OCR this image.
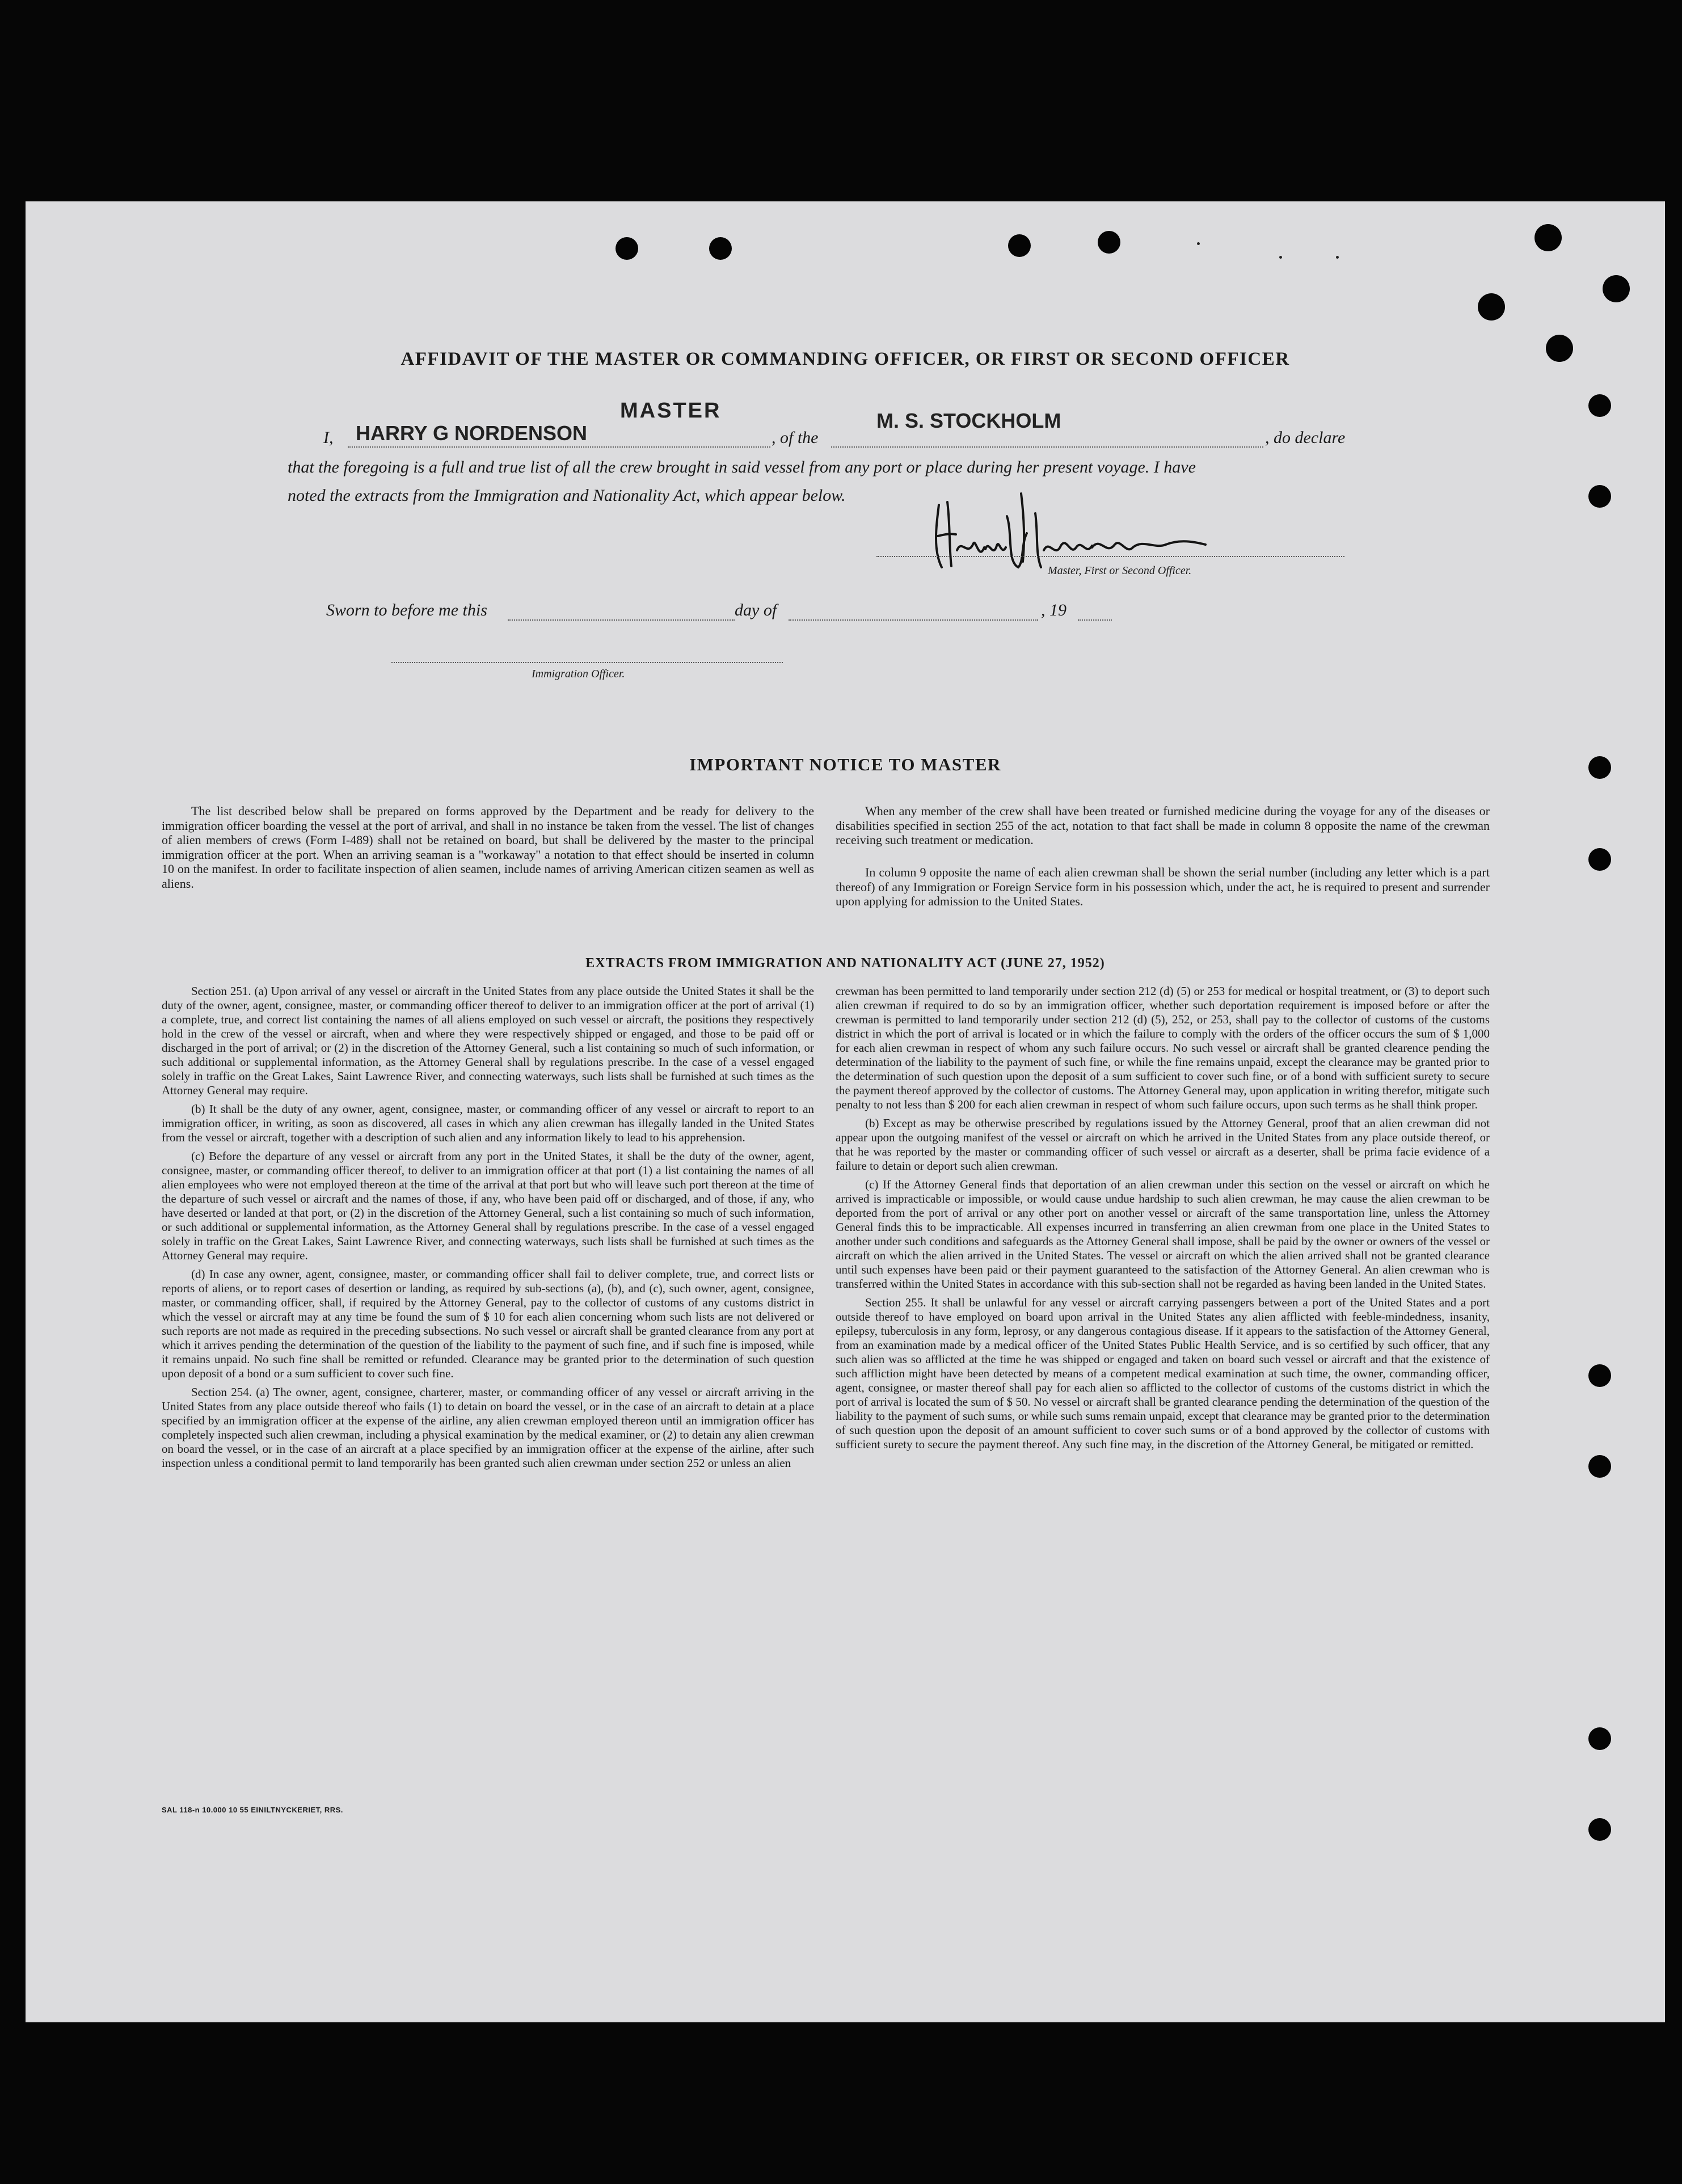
AFFIDAVIT OF THE MASTER OR COMMANDING OFFICER, OR FIRST OR SECOND OFFICER
I, HARRY G NORDENSON
MASTER
, of the
M. S. STOCKHOLM
, do declare
that the foregoing is a full and true list of all the crew brought in said vessel from any port or place during her present voyage. I have
noted the extracts from the Immigration and Nationality Act, which appear below.
Master, First or Second Officer.
Sworn to before me this	day of	, 19
Immigration Officer.
IMPORTANT NOTICE TO MASTER

The list described below shall be prepared on forms approved by the Department and be ready for delivery to the immigration officer boarding the vessel at the port of arrival, and shall in no instance be taken from the vessel. The list of changes of alien members of crews (Form I-489) shall not be retained on board, but shall be delivered by the master to the principal immigration officer at the port. When an arriving seaman is a "workaway" a notation to that effect should be inserted in column 10 on the manifest. In order to facilitate inspection of alien seamen, include names of arriving American citizen seamen as well as aliens.

When any member of the crew shall have been treated or furnished medicine during the voyage for any of the diseases or disabilities specified in section 255 of the act, notation to that fact shall be made in column 8 opposite the name of the crewman receiving such treatment or medication.

In column 9 opposite the name of each alien crewman shall be shown the serial number (including any letter which is a part thereof) of any Immigration or Foreign Service form in his possession which, under the act, he is required to present and surrender upon applying for admission to the United States.

EXTRACTS FROM IMMIGRATION AND NATIONALITY ACT (JUNE 27, 1952)

Section 251. (a) Upon arrival of any vessel or aircraft in the United States from any place outside the United States it shall be the duty of the owner, agent, consignee, master, or commanding officer thereof to deliver to an immigration officer at the port of arrival (1) a complete, true, and correct list containing the names of all aliens employed on such vessel or aircraft, the positions they respectively hold in the crew of the vessel or aircraft, when and where they were respectively shipped or engaged, and those to be paid off or discharged in the port of arrival; or (2) in the discretion of the Attorney General, such a list containing so much of such information, or such additional or supplemental information, as the Attorney General shall by regulations prescribe. In the case of a vessel engaged solely in traffic on the Great Lakes, Saint Lawrence River, and connecting waterways, such lists shall be furnished at such times as the Attorney General may require.

(b) It shall be the duty of any owner, agent, consignee, master, or commanding officer of any vessel or aircraft to report to an immigration officer, in writing, as soon as discovered, all cases in which any alien crewman has illegally landed in the United States from the vessel or aircraft, together with a description of such alien and any information likely to lead to his apprehension.

(c) Before the departure of any vessel or aircraft from any port in the United States, it shall be the duty of the owner, agent, consignee, master, or commanding officer thereof, to deliver to an immigration officer at that port (1) a list containing the names of all alien employees who were not employed thereon at the time of the arrival at that port but who will leave such port thereon at the time of the departure of such vessel or aircraft and the names of those, if any, who have been paid off or discharged, and of those, if any, who have deserted or landed at that port, or (2) in the discretion of the Attorney General, such a list containing so much of such information, or such additional or supplemental information, as the Attorney General shall by regulations prescribe. In the case of a vessel engaged solely in traffic on the Great Lakes, Saint Lawrence River, and connecting waterways, such lists shall be furnished at such times as the Attorney General may require.

(d) In case any owner, agent, consignee, master, or commanding officer shall fail to deliver complete, true, and correct lists or reports of aliens, or to report cases of desertion or landing, as required by sub-sections (a), (b), and (c), such owner, agent, consignee, master, or commanding officer, shall, if required by the Attorney General, pay to the collector of customs of any customs district in which the vessel or aircraft may at any time be found the sum of $ 10 for each alien concerning whom such lists are not delivered or such reports are not made as required in the preceding subsections. No such vessel or aircraft shall be granted clearance from any port at which it arrives pending the determination of the question of the liability to the payment of such fine, and if such fine is imposed, while it remains unpaid. No such fine shall be remitted or refunded. Clearance may be granted prior to the determination of such question upon deposit of a bond or a sum sufficient to cover such fine.

Section 254. (a) The owner, agent, consignee, charterer, master, or commanding officer of any vessel or aircraft arriving in the United States from any place outside thereof who fails (1) to detain on board the vessel, or in the case of an aircraft to detain at a place specified by an immigration officer at the expense of the airline, any alien crewman employed thereon until an immigration officer has completely inspected such alien crewman, including a physical examination by the medical examiner, or (2) to detain any alien crewman on board the vessel, or in the case of an aircraft at a place specified by an immigration officer at the expense of the airline, after such inspection unless a conditional permit to land temporarily has been granted such alien crewman under section 252 or unless an alien

crewman has been permitted to land temporarily under section 212 (d) (5) or 253 for medical or hospital treatment, or (3) to deport such alien crewman if required to do so by an immigration officer, whether such deportation requirement is imposed before or after the crewman is permitted to land temporarily under section 212 (d) (5), 252, or 253, shall pay to the collector of customs of the customs district in which the port of arrival is located or in which the failure to comply with the orders of the officer occurs the sum of $ 1,000 for each alien crewman in respect of whom any such failure occurs. No such vessel or aircraft shall be granted clearence pending the determination of the liability to the payment of such fine, or while the fine remains unpaid, except the clearance may be granted prior to the determination of such question upon the deposit of a sum sufficient to cover such fine, or of a bond with sufficient surety to secure the payment thereof approved by the collector of customs. The Attorney General may, upon application in writing therefor, mitigate such penalty to not less than $ 200 for each alien crewman in respect of whom such failure occurs, upon such terms as he shall think proper.

(b) Except as may be otherwise prescribed by regulations issued by the Attorney General, proof that an alien crewman did not appear upon the outgoing manifest of the vessel or aircraft on which he arrived in the United States from any place outside thereof, or that he was reported by the master or commanding officer of such vessel or aircraft as a deserter, shall be prima facie evidence of a failure to detain or deport such alien crewman.

(c) If the Attorney General finds that deportation of an alien crewman under this section on the vessel or aircraft on which he arrived is impracticable or impossible, or would cause undue hardship to such alien crewman, he may cause the alien crewman to be deported from the port of arrival or any other port on another vessel or aircraft of the same transportation line, unless the Attorney General finds this to be impracticable. All expenses incurred in transferring an alien crewman from one place in the United States to another under such conditions and safeguards as the Attorney General shall impose, shall be paid by the owner or owners of the vessel or aircraft on which the alien arrived in the United States. The vessel or aircraft on which the alien arrived shall not be granted clearance until such expenses have been paid or their payment guaranteed to the satisfaction of the Attorney General. An alien crewman who is transferred within the United States in accordance with this sub-section shall not be regarded as having been landed in the United States.

Section 255. It shall be unlawful for any vessel or aircraft carrying passengers between a port of the United States and a port outside thereof to have employed on board upon arrival in the United States any alien afflicted with feeble-mindedness, insanity, epilepsy, tuberculosis in any form, leprosy, or any dangerous contagious disease. If it appears to the satisfaction of the Attorney General, from an examination made by a medical officer of the United States Public Health Service, and is so certified by such officer, that any such alien was so afflicted at the time he was shipped or engaged and taken on board such vessel or aircraft and that the existence of such affliction might have been detected by means of a competent medical examination at such time, the owner, commanding officer, agent, consignee, or master thereof shall pay for each alien so afflicted to the collector of customs of the customs district in which the port of arrival is located the sum of $ 50. No vessel or aircraft shall be granted clearance pending the determination of the question of the liability to the payment of such sums, or while such sums remain unpaid, except that clearance may be granted prior to the determination of such question upon the deposit of an amount sufficient to cover such sums or of a bond approved by the collector of customs with sufficient surety to secure the payment thereof. Any such fine may, in the discretion of the Attorney General, be mitigated or remitted.

SAL 118-n 10.000 10 55 EINILTNYCKERIET, RRS.
